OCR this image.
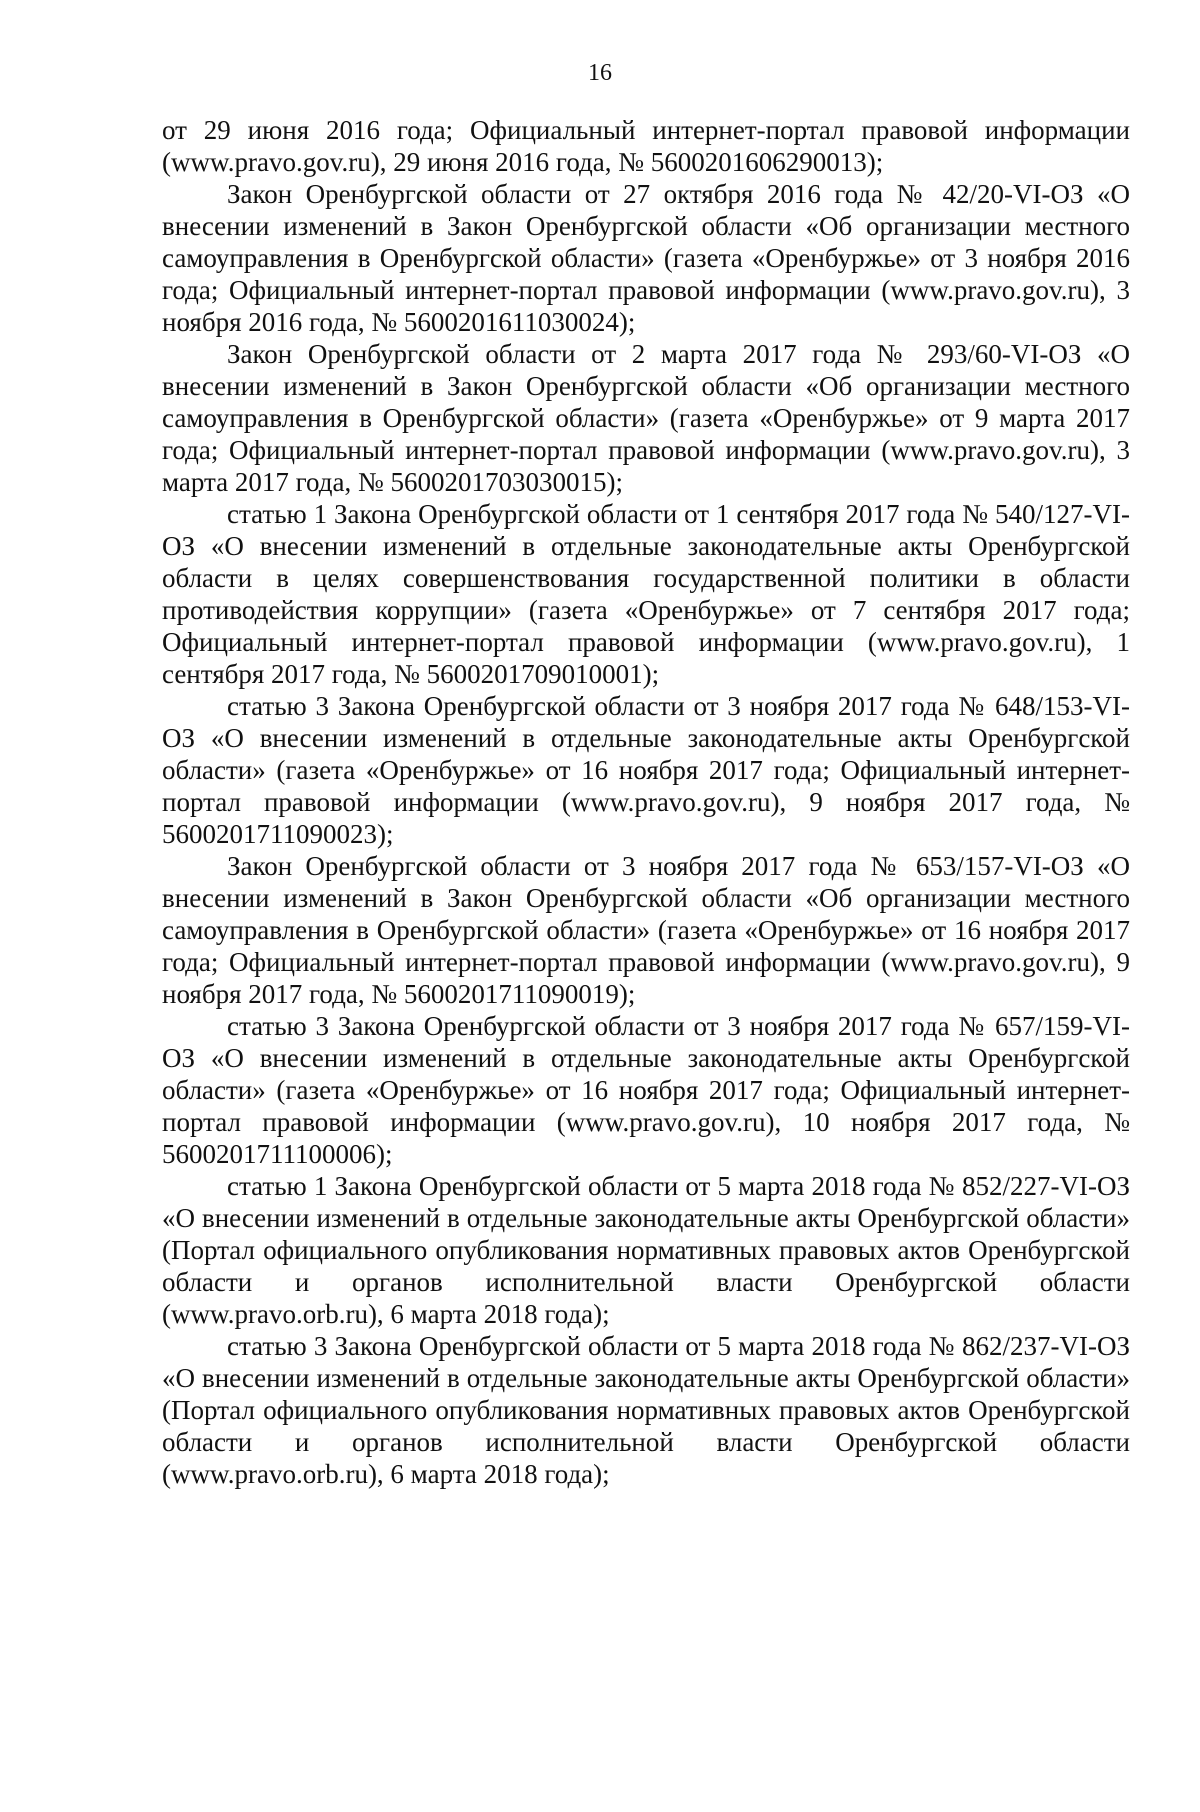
16

от 29 июня 2016 года; Официальный интернет-портал правовой информации (www.pravo.gov.ru), 29 июня 2016 года, № 5600201606290013);

Закон Оренбургской области от 27 октября 2016 года № 42/20-VI-ОЗ «О внесении изменений в Закон Оренбургской области «Об организации местного самоуправления в Оренбургской области» (газета «Оренбуржье» от 3 ноября 2016 года; Официальный интернет-портал правовой информации (www.pravo.gov.ru), 3 ноября 2016 года, № 5600201611030024);

Закон Оренбургской области от 2 марта 2017 года № 293/60-VI-ОЗ «О внесении изменений в Закон Оренбургской области «Об организации местного самоуправления в Оренбургской области» (газета «Оренбуржье» от 9 марта 2017 года; Официальный интернет-портал правовой информации (www.pravo.gov.ru), 3 марта 2017 года, № 5600201703030015);

статью 1 Закона Оренбургской области от 1 сентября 2017 года № 540/127-VI-ОЗ «О внесении изменений в отдельные законодательные акты Оренбургской области в целях совершенствования государственной политики в области противодействия коррупции» (газета «Оренбуржье» от 7 сентября 2017 года; Официальный интернет-портал правовой информации (www.pravo.gov.ru), 1 сентября 2017 года, № 5600201709010001);

статью 3 Закона Оренбургской области от 3 ноября 2017 года № 648/153-VI-ОЗ «О внесении изменений в отдельные законодательные акты Оренбургской области» (газета «Оренбуржье» от 16 ноября 2017 года; Официальный интернет-портал правовой информации (www.pravo.gov.ru), 9 ноября 2017 года, № 5600201711090023);

Закон Оренбургской области от 3 ноября 2017 года № 653/157-VI-ОЗ «О внесении изменений в Закон Оренбургской области «Об организации местного самоуправления в Оренбургской области» (газета «Оренбуржье» от 16 ноября 2017 года; Официальный интернет-портал правовой информации (www.pravo.gov.ru), 9 ноября 2017 года, № 5600201711090019);

статью 3 Закона Оренбургской области от 3 ноября 2017 года № 657/159-VI-ОЗ «О внесении изменений в отдельные законодательные акты Оренбургской области» (газета «Оренбуржье» от 16 ноября 2017 года; Официальный интернет-портал правовой информации (www.pravo.gov.ru), 10 ноября 2017 года, № 5600201711100006);

статью 1 Закона Оренбургской области от 5 марта 2018 года № 852/227-VI-ОЗ «О внесении изменений в отдельные законодательные акты Оренбургской области» (Портал официального опубликования нормативных правовых актов Оренбургской области и органов исполнительной власти Оренбургской области (www.pravo.orb.ru), 6 марта 2018 года);

статью 3 Закона Оренбургской области от 5 марта 2018 года № 862/237-VI-ОЗ «О внесении изменений в отдельные законодательные акты Оренбургской области» (Портал официального опубликования нормативных правовых актов Оренбургской области и органов исполнительной власти Оренбургской области (www.pravo.orb.ru), 6 марта 2018 года);
